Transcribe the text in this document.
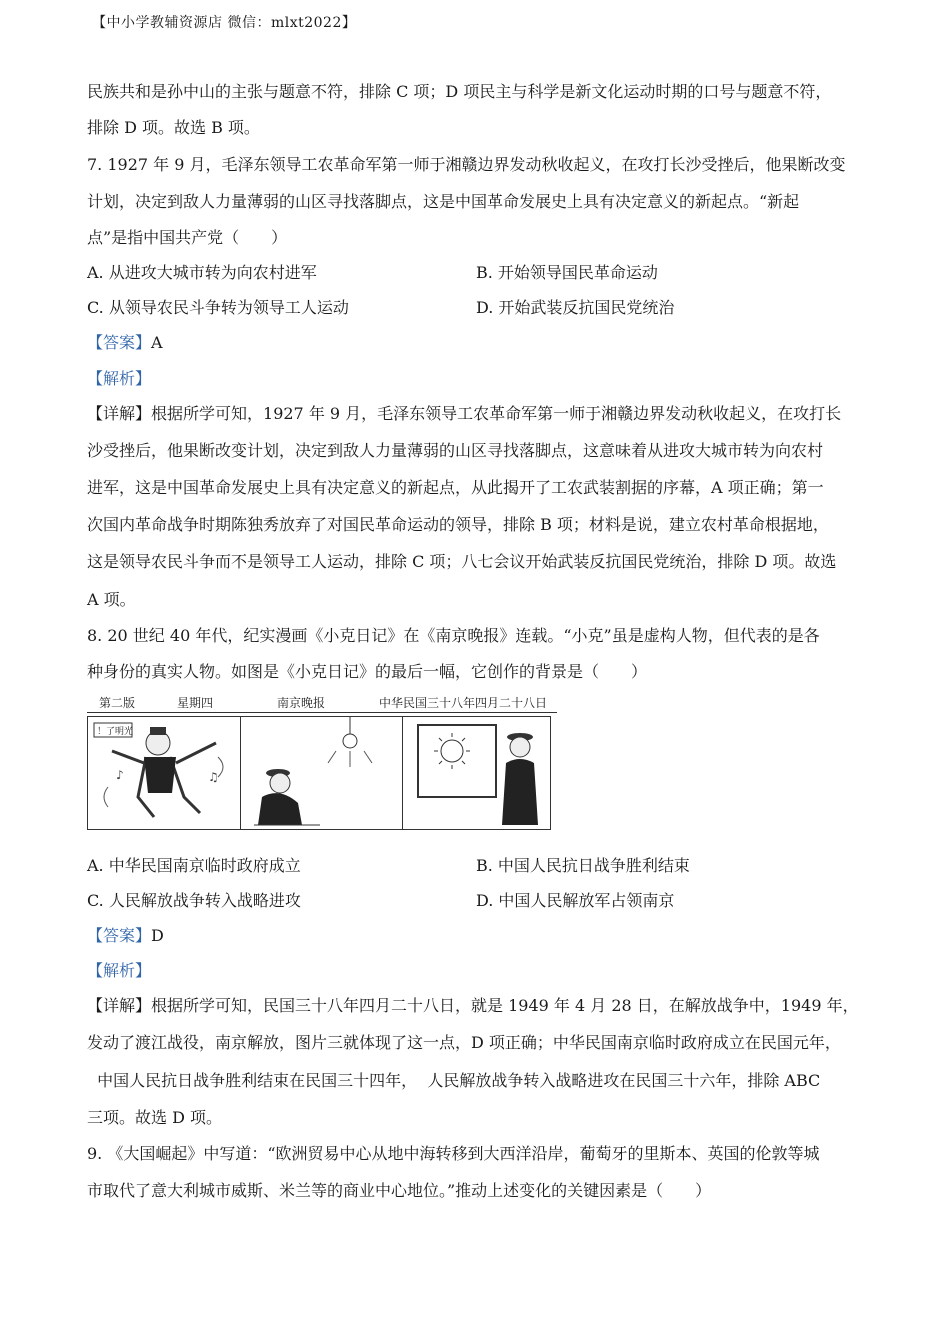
【中小学教辅资源店 微信：mlxt2022】
民族共和是孙中山的主张与题意不符，排除 C 项；D 项民主与科学是新文化运动时期的口号与题意不符，
排除 D 项。故选 B 项。
7. 1927 年 9 月，毛泽东领导工农革命军第一师于湘赣边界发动秋收起义，在攻打长沙受挫后，他果断改变
计划，决定到敌人力量薄弱的山区寻找落脚点，这是中国革命发展史上具有决定意义的新起点。“新起
点”是指中国共产党（　　）
A. 从进攻大城市转为向农村进军	B. 开始领导国民革命运动
C. 从领导农民斗争转为领导工人运动	D. 开始武装反抗国民党统治
【答案】A
【解析】
【详解】根据所学可知，1927 年 9 月，毛泽东领导工农革命军第一师于湘赣边界发动秋收起义，在攻打长
沙受挫后，他果断改变计划，决定到敌人力量薄弱的山区寻找落脚点，这意味着从进攻大城市转为向农村
进军，这是中国革命发展史上具有决定意义的新起点，从此揭开了工农武装割据的序幕，A 项正确；第一
次国内革命战争时期陈独秀放弃了对国民革命运动的领导，排除 B 项；材料是说，建立农村革命根据地，
这是领导农民斗争而不是领导工人运动，排除 C 项；八七会议开始武装反抗国民党统治，排除 D 项。故选
A 项。
8. 20 世纪 40 年代，纪实漫画《小克日记》在《南京晚报》连载。“小克”虽是虚构人物，但代表的是各
种身份的真实人物。如图是《小克日记》的最后一幅，它创作的背景是（　　）
第二版	星期四	南京晚报	中华民国三十八年四月二十八日
！了明光
♪	♫
A. 中华民国南京临时政府成立	B. 中国人民抗日战争胜利结束
C. 人民解放战争转入战略进攻	D. 中国人民解放军占领南京
【答案】D
【解析】
【详解】根据所学可知，民国三十八年四月二十八日，就是 1949 年 4 月 28 日，在解放战争中，1949 年，
发动了渡江战役，南京解放，图片三就体现了这一点，D 项正确；中华民国南京临时政府成立在民国元年，
中国人民抗日战争胜利结束在民国三十四年，  人民解放战争转入战略进攻在民国三十六年，排除 ABC
三项。故选 D 项。
9. 《大国崛起》中写道：“欧洲贸易中心从地中海转移到大西洋沿岸，葡萄牙的里斯本、英国的伦敦等城
市取代了意大利城市威斯、米兰等的商业中心地位。”推动上述变化的关键因素是（　　）
